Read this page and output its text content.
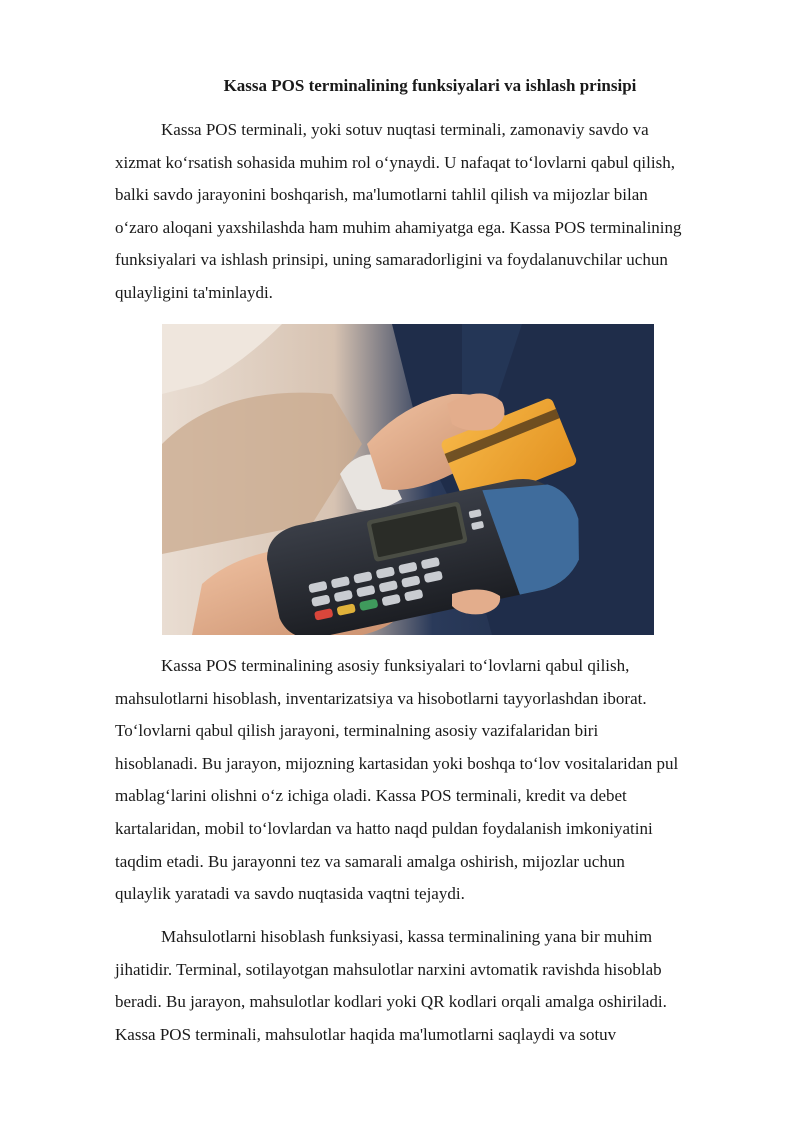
Kassa POS terminalining funksiyalari va ishlash prinsipi

Kassa POS terminali, yoki sotuv nuqtasi terminali, zamonaviy savdo va
xizmat ko‘rsatish sohasida muhim rol o‘ynaydi. U nafaqat to‘lovlarni qabul qilish,
balki savdo jarayonini boshqarish, ma'lumotlarni tahlil qilish va mijozlar bilan
o‘zaro aloqani yaxshilashda ham muhim ahamiyatga ega. Kassa POS terminalining
funksiyalari va ishlash prinsipi, uning samaradorligini va foydalanuvchilar uchun
qulayligini ta'minlaydi.

Kassa POS terminalining asosiy funksiyalari to‘lovlarni qabul qilish,
mahsulotlarni hisoblash, inventarizatsiya va hisobotlarni tayyorlashdan iborat.
To‘lovlarni qabul qilish jarayoni, terminalning asosiy vazifalaridan biri
hisoblanadi. Bu jarayon, mijozning kartasidan yoki boshqa to‘lov vositalaridan pul
mablag‘larini olishni o‘z ichiga oladi. Kassa POS terminali, kredit va debet
kartalaridan, mobil to‘lovlardan va hatto naqd puldan foydalanish imkoniyatini
taqdim etadi. Bu jarayonni tez va samarali amalga oshirish, mijozlar uchun
qulaylik yaratadi va savdo nuqtasida vaqtni tejaydi.

Mahsulotlarni hisoblash funksiyasi, kassa terminalining yana bir muhim
jihatidir. Terminal, sotilayotgan mahsulotlar narxini avtomatik ravishda hisoblab
beradi. Bu jarayon, mahsulotlar kodlari yoki QR kodlari orqali amalga oshiriladi.
Kassa POS terminali, mahsulotlar haqida ma'lumotlarni saqlaydi va sotuv
